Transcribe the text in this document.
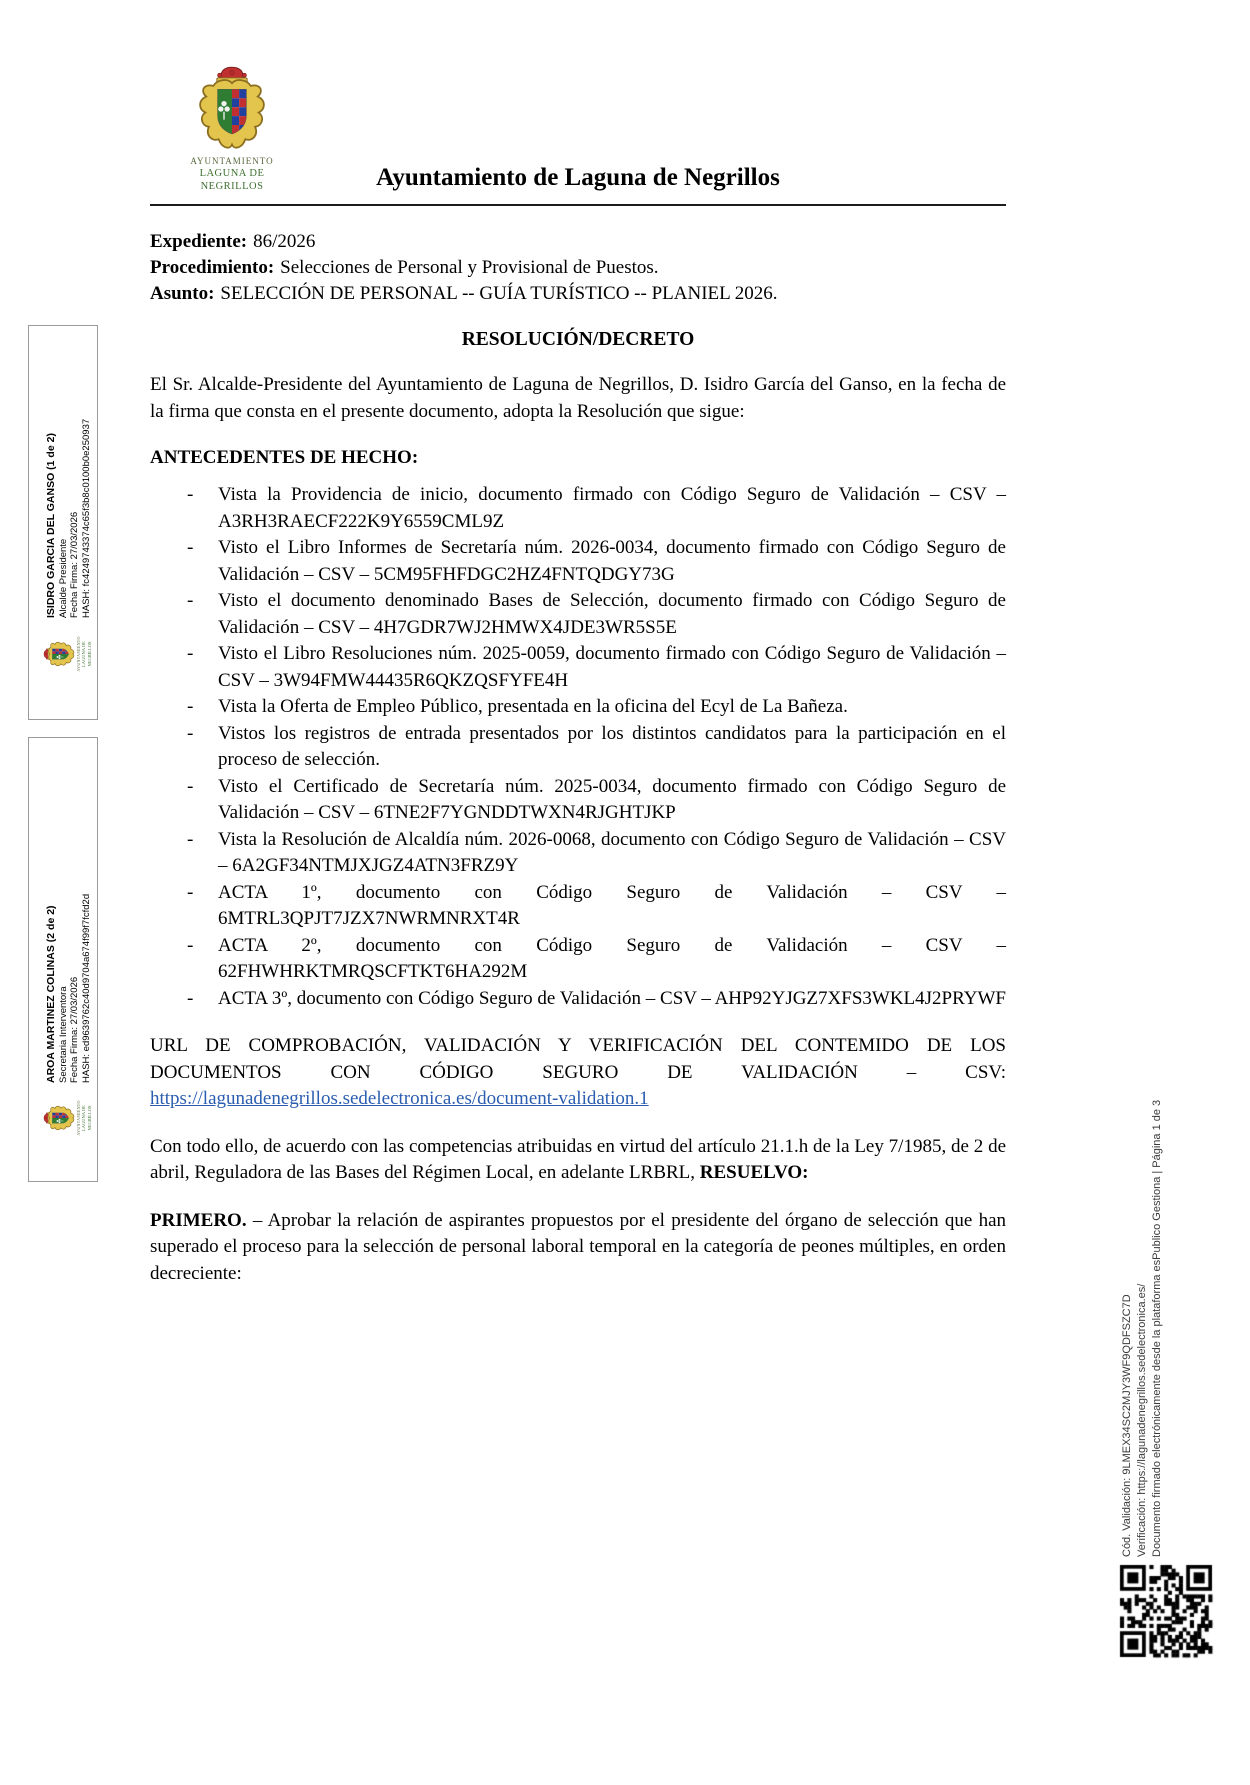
AYUNTAMIENTO
LAGUNA DE NEGRILLOS	Ayuntamiento de Laguna de Negrillos
Expediente: 86/2026
Procedimiento: Selecciones de Personal y Provisional de Puestos.
Asunto: SELECCIÓN DE PERSONAL -- GUÍA TURÍSTICO -- PLANIEL 2026.
RESOLUCIÓN/DECRETO
El Sr. Alcalde-Presidente del Ayuntamiento de Laguna de Negrillos, D. Isidro García del Ganso, en la fecha de la firma que consta en el presente documento, adopta la Resolución que sigue:
ANTECEDENTES DE HECHO:
-	Vista la Providencia de inicio, documento firmado con Código Seguro de Validación – CSV – A3RH3RAECF222K9Y6559CML9Z
-	Visto el Libro Informes de Secretaría núm. 2026-0034, documento firmado con Código Seguro de Validación – CSV – 5CM95FHFDGC2HZ4FNTQDGY73G
-	Visto el documento denominado Bases de Selección, documento firmado con Código Seguro de Validación – CSV – 4H7GDR7WJ2HMWX4JDE3WR5S5E
-	Visto el Libro Resoluciones núm. 2025-0059, documento firmado con Código Seguro de Validación – CSV – 3W94FMW44435R6QKZQSFYFE4H
-	Vista la Oferta de Empleo Público, presentada en la oficina del Ecyl de La Bañeza.
-	Vistos los registros de entrada presentados por los distintos candidatos para la participación en el proceso de selección.
-	Visto el Certificado de Secretaría núm. 2025-0034, documento firmado con Código Seguro de Validación – CSV – 6TNE2F7YGNDDTWXN4RJGHTJKP
-	Vista la Resolución de Alcaldía núm. 2026-0068, documento con Código Seguro de Validación – CSV – 6A2GF34NTMJXJGZ4ATN3FRZ9Y
-	ACTA 1º, documento con Código Seguro de Validación – CSV – 6MTRL3QPJT7JZX7NWRMNRXT4R
-	ACTA 2º, documento con Código Seguro de Validación – CSV – 62FHWHRKTMRQSCFTKT6HA292M
-	ACTA 3º, documento con Código Seguro de Validación – CSV – AHP92YJGZ7XFS3WKL4J2PRYWF
URL DE COMPROBACIÓN, VALIDACIÓN Y VERIFICACIÓN DEL CONTEMIDO DE LOS DOCUMENTOS CON CÓDIGO SEGURO DE VALIDACIÓN – CSV:
https://lagunadenegrillos.sedelectronica.es/document-validation.1
Con todo ello, de acuerdo con las competencias atribuidas en virtud del artículo 21.1.h de la Ley 7/1985, de 2 de abril, Reguladora de las Bases del Régimen Local, en adelante LRBRL, RESUELVO:
PRIMERO. – Aprobar la relación de aspirantes propuestos por el presidente del órgano de selección que han superado el proceso para la selección de personal laboral temporal en la categoría de peones múltiples, en orden decreciente:
ISIDRO GARCIA DEL GANSO (1 de 2) Alcalde Presidente Fecha Firma: 27/03/2026 HASH: fc4249743374c65f3b8c0100b0e250937
AYUNTAMIENTO LAGUNA DE NEGRILLOS
AROA MARTINEZ COLINAS (2 de 2) Secretaria Interventora Fecha Firma: 27/03/2026 HASH: ed9639762c40d9704a674f99f7fcfd2d
AYUNTAMIENTO LAGUNA DE NEGRILLOS
Cód. Validación: 9LMEX34SC2MJY3WF9QDFSZC7D Verificación: https://lagunadenegrillos.sedelectronica.es/ Documento firmado electrónicamente desde la plataforma esPublico Gestiona | Página 1 de 3
